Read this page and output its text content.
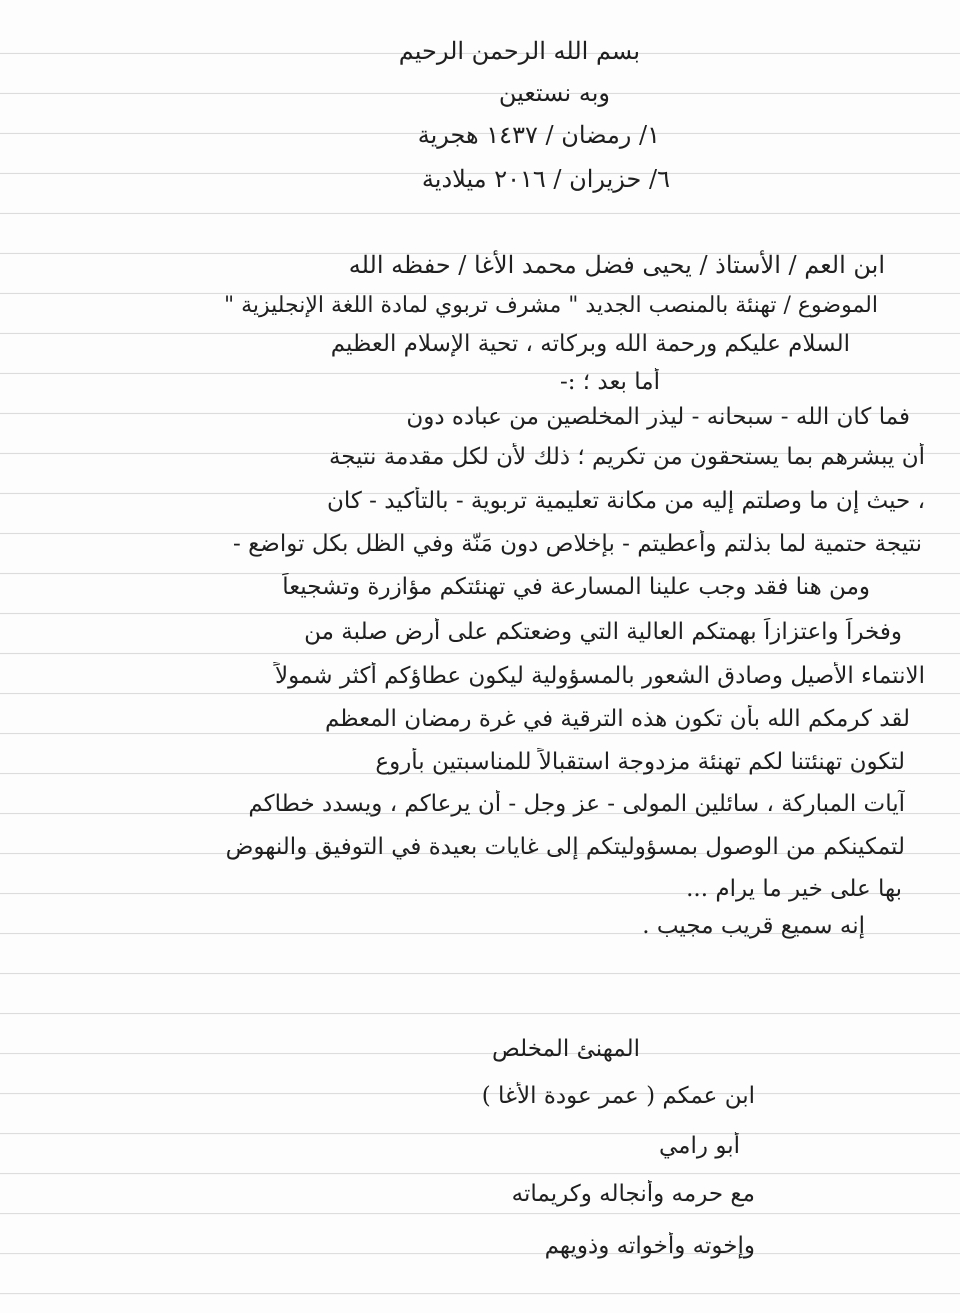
بسم الله الرحمن الرحيم
وبه نستعين
١/ رمضان / ١٤٣٧ هجرية
٦/ حزيران / ٢٠١٦ ميلادية
ابن العم / الأستاذ / يحيى فضل محمد الأغا / حفظه الله
الموضوع / تهنئة بالمنصب الجديد " مشرف تربوي لمادة اللغة الإنجليزية "
السلام عليكم ورحمة الله وبركاته ، تحية الإسلام العظيم
أما بعد ؛ :-
فما كان الله - سبحانه - ليذر المخلصين من عباده دون
أن يبشرهم بما يستحقون من تكريم ؛ ذلك لأن لكل مقدمة نتيجة
، حيث إن ما وصلتم إليه من مكانة تعليمية تربوية - بالتأكيد - كان
نتيجة حتمية لما بذلتم وأعطيتم - بإخلاص دون مَنّة وفي الظل بكل تواضع -
ومن هنا فقد وجب علينا المسارعة في تهنئتكم مؤازرة وتشجيعاً
وفخراً واعتزازاً بهمتكم العالية التي وضعتكم على أرض صلبة من
الانتماء الأصيل وصادق الشعور بالمسؤولية ليكون عطاؤكم أكثر شمولاً
لقد كرمكم الله بأن تكون هذه الترقية في غرة رمضان المعظم
لتكون تهنئتنا لكم تهنئة مزدوجة استقبالاً للمناسبتين بأروع
آيات المباركة ، سائلين المولى - عز وجل - أن يرعاكم ، ويسدد خطاكم
لتمكينكم من الوصول بمسؤوليتكم إلى غايات بعيدة في التوفيق والنهوض
بها على خير ما يرام ...
إنه سميع قريب مجيب .
المهنئ المخلص
ابن عمكم ( عمر عودة الأغا )
أبو رامي
مع حرمه وأنجاله وكريماته
وإخوته وأخواته وذويهم
